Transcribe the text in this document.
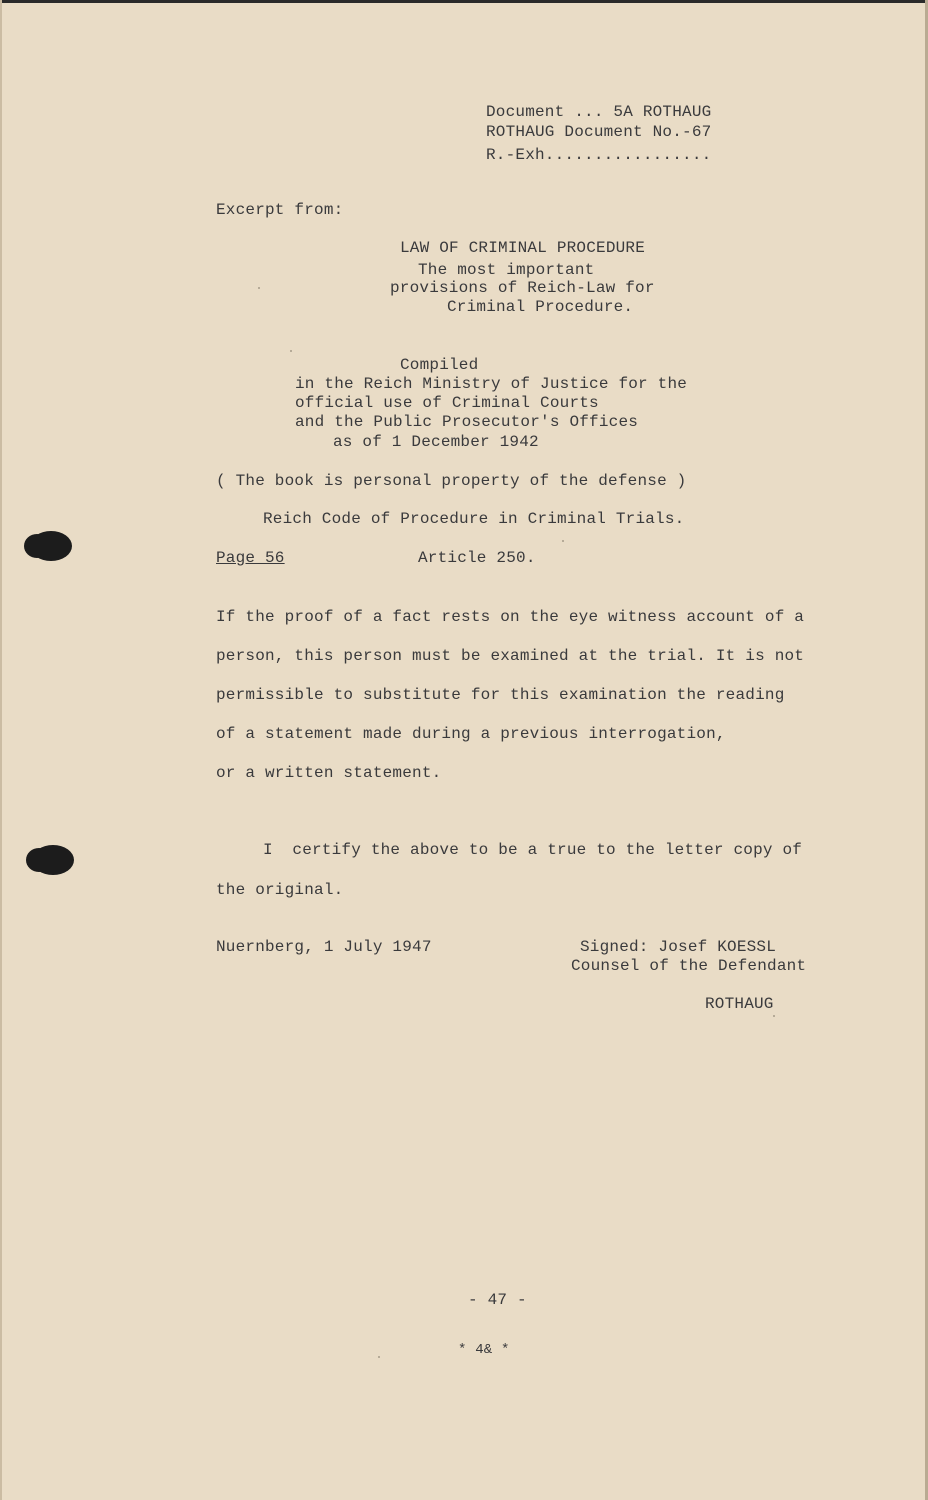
Document ... 5A ROTHAUG
ROTHAUG Document No.-67
R.-Exh.................
Excerpt from:
LAW OF CRIMINAL PROCEDURE
The most important
provisions of Reich-Law for
Criminal Procedure.
Compiled
in the Reich Ministry of Justice for the
official use of Criminal Courts
and the Public Prosecutor's Offices
as of 1 December 1942
( The book is personal property of the defense )
Reich Code of Procedure in Criminal Trials.
Page 56	Article 250.
If the proof of a fact rests on the eye witness account of a
person, this person must be examined at the trial. It is not
permissible to substitute for this examination the reading
of a statement made during a previous interrogation,
or a written statement.
I  certify the above to be a true to the letter copy of
the original.
Nuernberg, 1 July 1947	Signed: Josef KOESSL
Counsel of the Defendant
ROTHAUG
- 47 -
* 4& *
